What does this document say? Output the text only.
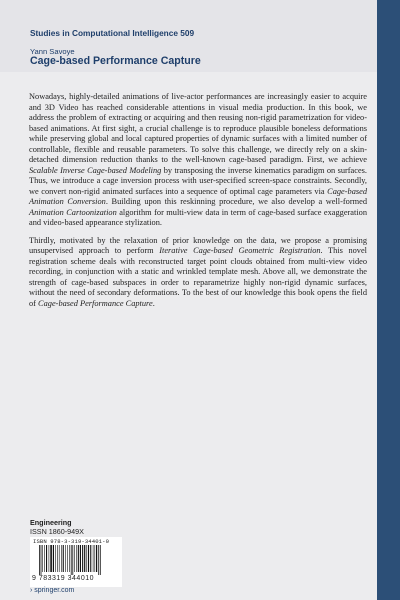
Studies in Computational Intelligence 509
Yann Savoye
Cage-based Performance Capture

Nowadays, highly-detailed animations of live-actor performances are increasingly easier to acquire and 3D Video has reached considerable attentions in visual media production. In this book, we address the problem of extracting or acquiring and then reusing non-rigid parametrization for video-based animations. At first sight, a crucial challenge is to reproduce plausible boneless deformations while preserving global and local captured properties of dynamic surfaces with a limited number of controllable, flexible and reusable parameters. To solve this challenge, we directly rely on a skin-detached dimension reduction thanks to the well-known cage-based paradigm. First, we achieve Scalable Inverse Cage-based Modeling by transposing the inverse kinematics paradigm on surfaces. Thus, we introduce a cage inversion process with user-specified screen-space constraints. Secondly, we convert non-rigid animated surfaces into a sequence of optimal cage parameters via Cage-based Animation Conversion. Building upon this reskinning procedure, we also develop a well-formed Animation Cartoonization algorithm for multi-view data in term of cage-based surface exaggeration and video-based appearance stylization.

Thirdly, motivated by the relaxation of prior knowledge on the data, we propose a promising unsupervised approach to perform Iterative Cage-based Geometric Registration. This novel registration scheme deals with reconstructed target point clouds obtained from multi-view video recording, in conjunction with a static and wrinkled template mesh. Above all, we demonstrate the strength of cage-based subspaces in order to reparametrize highly non-rigid dynamic surfaces, without the need of secondary deformations. To the best of our knowledge this book opens the field of Cage-based Performance Capture.

Engineering
ISSN 1860-949X
ISBN 978-3-319-34401-0
9 783319 344010
› springer.com
